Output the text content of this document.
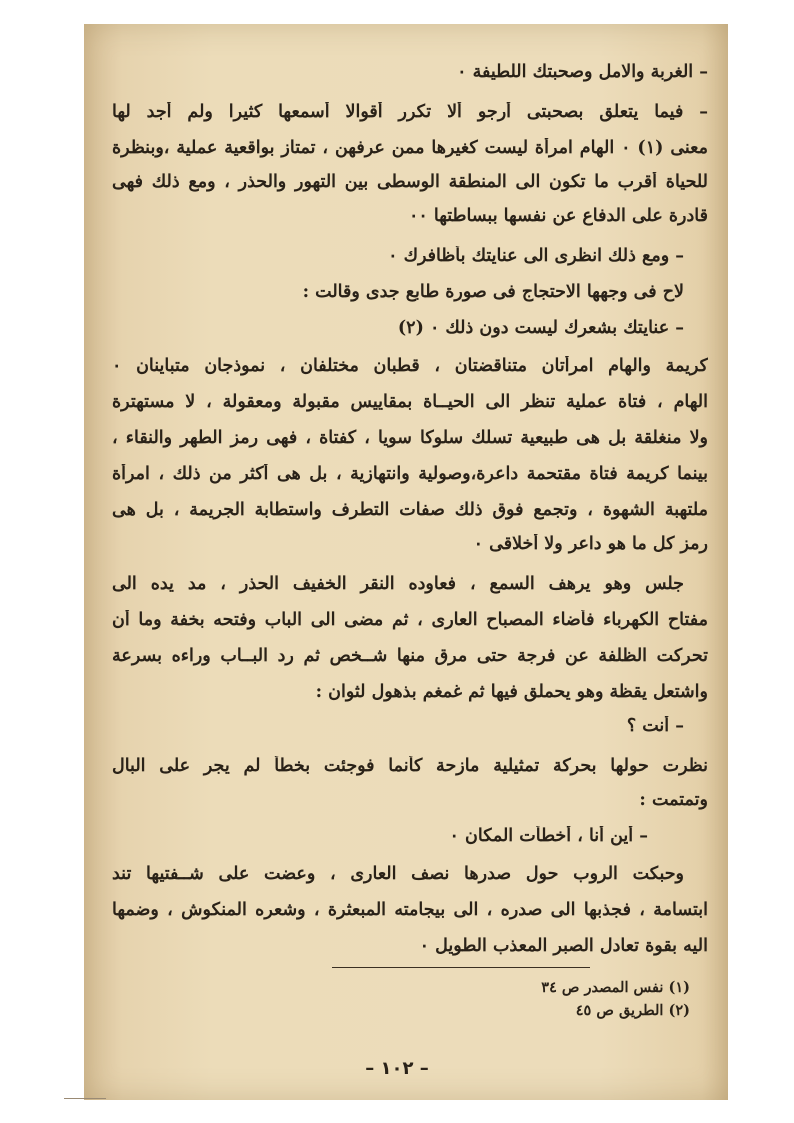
– الغربة والامل وصحبتك اللطيفة ٠
– فيما يتعلق بصحبتى أرجو ألا تكرر أقوالا أسمعها كثيرا ولم أجد لها
معنى (١) ٠ الهام امرأة ليست كغيرها ممن عرفهن ، تمتاز بواقعية عملية ،وبنظرة
للحياة أقرب ما تكون الى المنطقة الوسطى بين التهور والحذر ، ومع ذلك فهى
قادرة على الدفاع عن نفسها ببساطتها ٠٠
– ومع ذلك انظرى الى عنايتك بأظافرك ٠
لاح فى وجهها الاحتجاج فى صورة طابع جدى وقالت :
– عنايتك بشعرك ليست دون ذلك ٠ (٢)
كريمة والهام امرأتان متناقضتان ، قطبان مختلفان ، نموذجان متباينان ٠
الهام ، فتاة عملية تنظر الى الحيــاة بمقاييس مقبولة ومعقولة ، لا مستهترة
ولا منغلقة بل هى طبيعية تسلك سلوكا سويا ، كفتاة ، فهى رمز الطهر والنقاء ،
بينما كريمة فتاة مقتحمة داعرة،وصولية وانتهازية ، بل هى أكثر من ذلك ، امرأة
ملتهبة الشهوة ، وتجمع فوق ذلك صفات التطرف واستطابة الجريمة ، بل هى
رمز كل ما هو داعر ولا أخلاقى ٠
جلس وهو يرهف السمع ، فعاوده النقر الخفيف الحذر ، مد يده الى
مفتاح الكهرباء فأضاء المصباح العارى ، ثم مضى الى الباب وفتحه بخفة وما أن
تحركت الظلفة عن فرجة حتى مرق منها شــخص ثم رد البــاب وراءه بسرعة
واشتعل يقظة وهو يحملق فيها ثم غمغم بذهول لثوان :
– أنت ؟
نظرت حولها بحركة تمثيلية مازحة كأنما فوجئت بخطأ لم يجر على البال
وتمتمت :
– أين أنا ، أخطأت المكان ٠
وحبكت الروب حول صدرها نصف العارى ، وعضت على شــفتيها تند
ابتسامة ، فجذبها الى صدره ، الى بيجامته المبعثرة ، وشعره المنكوش ، وضمها
اليه بقوة تعادل الصبر المعذب الطويل ٠
(١) نفس المصدر ص ٣٤
(٢) الطريق ص ٤٥
– ١٠٢ –
